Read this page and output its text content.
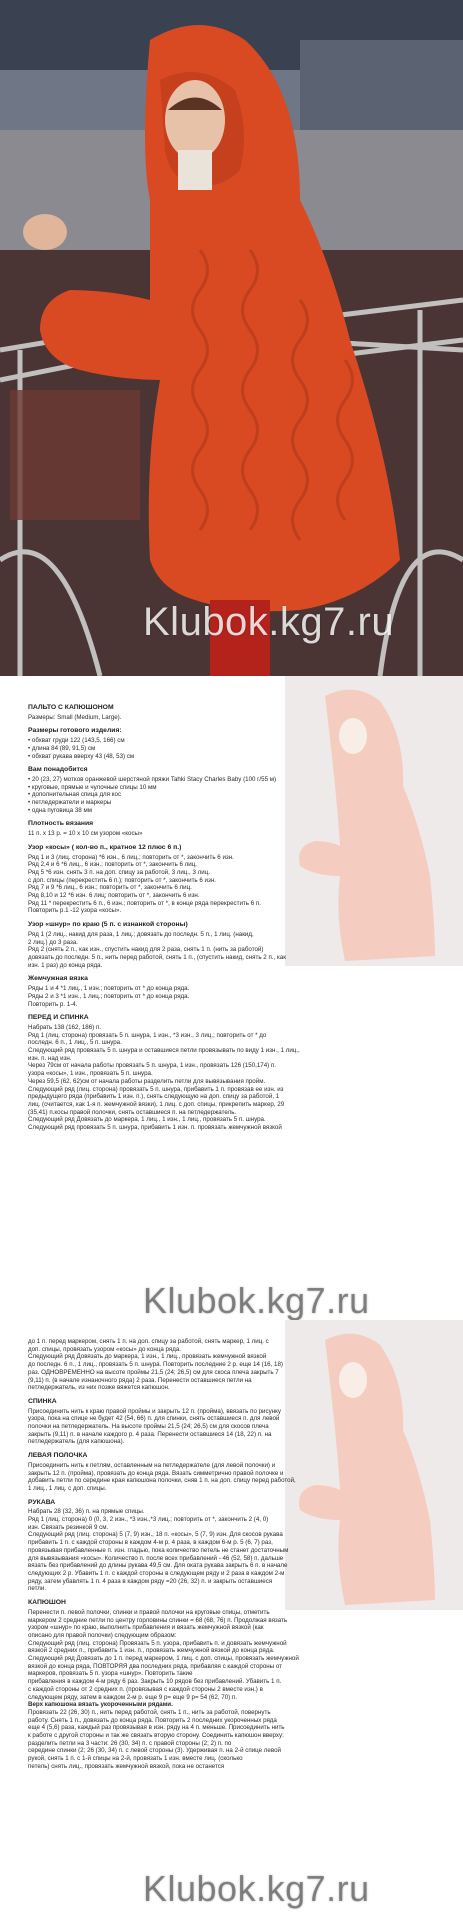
Klubok.kg7.ru
ПАЛЬТО С КАПЮШОНОМ
Размеры: Small (Medium, Large).
Размеры готового изделия:
• обхват груди 122 (143,5, 166) см
• длина 84 (89, 91,5) см
• обхват рукава вверху 43 (48, 53) см
Вам понадобится
• 20 (23, 27) мотков оранжевой шерстяной пряжи Tahki Stacy Charles Baby (100 г/55 м)
• круговые, прямые и чулочные спицы 10 мм
• дополнительная спица для кос
• петледержатели и маркеры
• одна пуговица 38 мм
Плотность вязания
11 п. x 13 р. = 10 x 10 см узором «косы»
Узор «косы» ( кол-во п., кратное 12 плюс 6 п.)
Ряд 1 и 3 (лиц. сторона) *6 изн., 6 лиц.; повторить от *, закончить 6 изн.
Ряд 2,4 и 6 *6 лиц., 6 изн.; повторить от *, закончить 6 лиц.
Ряд 5 *6 изн. снять 3 п. на доп. спицу за работой, 3 лиц., 3 лиц.
с доп. спицы (перекрестить 6 п.); повторить от *, закончить 6 изн.
Ряд 7 и 9 *6 лиц., 6 изн.; повторить от *, закончить 6 лиц.
Ряд 8,10 и 12 *6 изн. 6 лиц; повторить от *, закончить 6 изн.
Ряд 11 * перекрестить 6 п., 6 изн.; повторить от *, в конце ряда перекрестить 6 п.
Повторить р.1 -12 узора «косы».
Узор «шнур» по краю (5 п. с изнанкой стороны)
Ряд 1 (2 лиц., накид для раза, 1 лиц.; довязать до последн. 5 п., 1 лиц. (накид,
2 лиц.) до 3 раза.
Ряд 2 (снять 2 п., как изн., спустить накид для 2 раза, снять 1 п. (нить за работой)
довязать до последн. 5 п., нить перед работой, снять 1 п., (спустить накид, снять 2 п., как
изн. 1 раз) до конца ряда.
Жемчужная вязка
Ряды 1 и 4 *1 лиц., 1 изн.; повторить от * до конца ряда.
Ряды 2 и 3 *1 изн., 1 лиц.; повторить от * до конца ряда.
Повторить р. 1-4.
ПЕРЕД И СПИНКА
Набрать 138 (162, 186) п.
Ряд 1 (лиц. сторона) провязать 5 п. шнура, 1 изн., *3 изн., 3 лиц.; повторить от * до
последн. 6 п., 1 лиц., 5 п. шнура.
Следующий ряд провязать 5 п. шнура и оставшиеся петли провязывать по виду 1 изн., 1 лиц.,
изн. п. над изн.
Через 79см от начала работы провязать 5 п. шнура, 1 изн., провязать 126 (150,174) п.
узора «косы», 1 изн., провязать 5 п. шнура.
Через 59,5 (62, 62)см от начала работы разделить петли для вывязывания пройм.
Следующий ряд (лиц. сторона) провязать 5 п. шнура, прибавить 1 п. провязав ее изн. из
предыдущего ряда (прибавить 1 изн. п.), снять следующую на доп. спицу за работой, 1
лиц. (считается, как 1-я п. жемчужной вязки), 1 лиц. с доп. спицы, прикрепить маркер, 29
(35,41) п.косы правой полочки, снять оставшиеся п. на петледержатель.
Следующий ряд Довязать до маркера, 1 лиц., 1 изн., 1 лиц., провязать 5 п. шнура.
Следующий ряд провязать 5 п. шнура, прибавить 1 изн. п. провязать жемчужной вязкой
Klubok.kg7.ru
до 1 п. перед маркером, снять 1 п. на доп. спицу за работой, снять маркер, 1 лиц. с
доп. спицы, провязать узором «косы» до конца ряда.
Следующий ряд Довязать до маркера, 1 изн., 1 лиц., провязать жемчужной вязкой
до последн. 6 п., 1 лиц., провязать 5 п. шнура. Повторить последние 2 р. еще 14 (16, 18)
раз. ОДНОВРЕМЕННО на высоте проймы 21,5 (24; 26,5) см для скоса плеча закрыть 7
(9,11) п. (в начале изнаночного ряда) 2 раза. Перенести оставшиеся петли на
петледержатель, из них позже вяжется капюшон.
СПИНКА
Присоединить нить к краю правой проймы и закрыть 12 п. (пройма), ввязать по рисунку
узора, пока на спице не будет 42 (54, 66) п. для спинки, снять оставшиеся п. для левой
полочки на петледержатель. На высоте проймы 21,5 (24; 26,5) см для скосов плеча
закрыть (9,11) п. в начале каждого р. 4 раза. Перенести оставшиеся 14 (18, 22) п. на
петледержатель (для капюшона).
ЛЕВАЯ ПОЛОЧКА
Присоединить нить к петлям, оставленным на петледержателе (для левой полочки) и
закрыть 12 п. (пройма), провязать до конца ряда. Вязать симметрично правой полочке и
добавить петли по середине края капюшона полочки, сняв 1 п. на доп. спицу перед работой,
1 лиц., 1 лиц. с доп. спицы.
РУКАВА
Набрать 28 (32, 36) п. на прямые спицы.
Ряд 1 (лиц. сторона) 0 (0, 3, 2 изн., *3 изн.,*3 лиц.; повторить от *, закончить 2 (4, 0)
изн. Связать резинкой 9 см.
Следующий ряд (лиц. сторона) 5 (7, 9) изн., 18 п. «косы», 5 (7, 9) изн. Для скосов рукава
прибавить 1 п. с каждой стороны в каждом 4-м р. 4 раза, в каждом 6-м р. 5 (6, 7) раз,
провязывая прибавленные п. изн. гладью, пока количество петель не станет достаточным
для вывязывания «косы». Количество п. после всех прибавлений - 46 (52, 58) п. дальше
вязать без прибавлений до длины рукава 49,5 см. Для оката рукава закрыть 6 п. в начале
следующих 2 р. Убавить 1 п. с каждой стороны в следующем ряду и 2 раза в каждом 2-м
ряду, затем убавлять 1 п. 4 раза в каждом ряду =20 (26, 32) п. и закрыть оставшиеся
петли.
КАПЮШОН
Перенести п. левой полочки, спинки и правой полочки на круговые спицы, отметить
маркером 2 средние петли по центру горловины спинки = 68 (68, 76) п. Продолжая вязать
узором «шнур» по краю, выполнить прибавления и вязать жемчужной вязкой (как
описано для правой полочки) следующим образом:
Следующий ряд (лиц. сторона) Провязать 5 п. узора, прибавить п. и довязать жемчужной
вязкой 2 средних п., прибавить 1 изн. п., провязать жемчужной вязкой до конца ряда.
Следующий ряд Довязать до 1 п. перед маркером, 1 лиц. с доп. спицы, провязать жемчужной
вязкой до конца ряда, ПОВТОРЯЯ два последних ряда, прибавляя с каждой стороны от
маркеров, провязать 5 п. узора «шнур». Повторить такие
прибавления в каждом 4-м ряду 6 раз. Закрыть 10 рядов без прибавлений. Убавить 1 п.
с каждой стороны от 2 средних п. (провязывая с каждой стороны 2 вместе изн.) в
следующем ряду, затем в каждом 2-м р. еще 9 р= еще 9 р= 54 (62, 70) п.
Верх капюшона вязать укороченными рядами.
Провязать 22 (26, 30) п., нить перед работой, снять 1 п., нить за работой, повернуть
работу. Снять 1 п., довязать до конца ряда. Повторить 2 последних укороченных ряда
еще 4 (5,6) раза, каждый раз провязывая в изн. ряду на 4 п. меньше. Присоединить нить
к работе с другой стороны и так же связать вторую сторону. Соединить капюшон вверху:
разделить петли на 3 части: 26 (30, 34) п. с правой стороны (2; 2) п. по
середине спинки (2; 26 (30, 34) п. с левой стороны (3). Удерживая п. на 2-й спице левой
рукой, снять 1 п. с 1-й спицы на 2-й, провязать 1 изн. вместе лиц. (сколько
петель) снять лиц., провязать жемчужной вязкой, пока не останется
Klubok.kg7.ru
